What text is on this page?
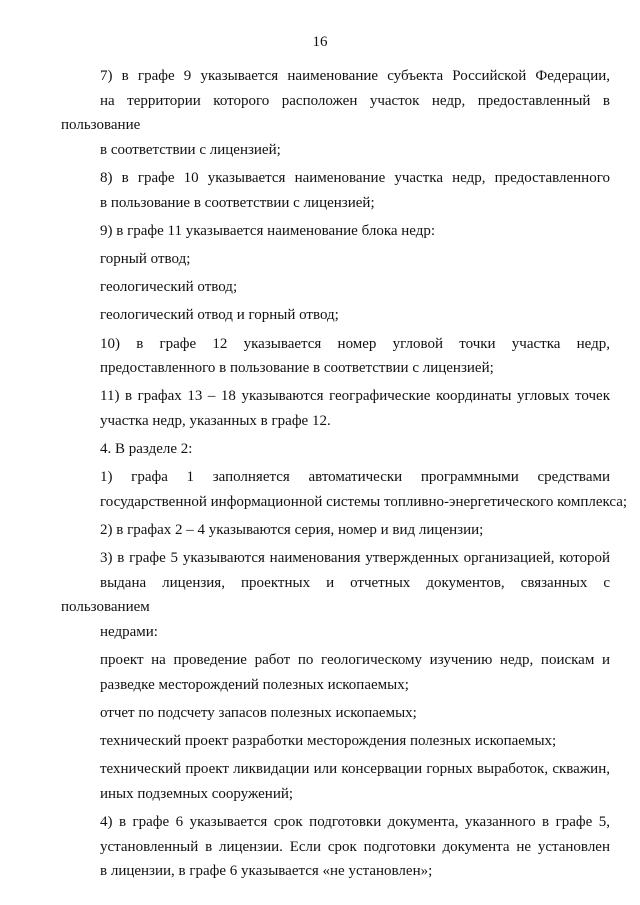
16

7) в графе 9 указывается наименование субъекта Российской Федерации,
на территории которого расположен участок недр, предоставленный в пользование
в соответствии с лицензией;

8) в графе 10 указывается наименование участка недр, предоставленного
в пользование в соответствии с лицензией;

9) в графе 11 указывается наименование блока недр:

горный отвод;

геологический отвод;

геологический отвод и горный отвод;

10) в графе 12 указывается номер угловой точки участка недр,
предоставленного в пользование в соответствии с лицензией;

11) в графах 13 – 18 указываются географические координаты угловых точек
участка недр, указанных в графе 12.

4. В разделе 2:

1) графа 1 заполняется автоматически программными средствами
государственной информационной системы топливно-энергетического комплекса;

2) в графах 2 – 4 указываются серия, номер и вид лицензии;

3) в графе 5 указываются наименования утвержденных организацией, которой
выдана лицензия, проектных и отчетных документов, связанных с пользованием
недрами:

проект на проведение работ по геологическому изучению недр, поискам и
разведке месторождений полезных ископаемых;

отчет по подсчету запасов полезных ископаемых;

технический проект разработки месторождения полезных ископаемых;

технический проект ликвидации или консервации горных выработок, скважин,
иных подземных сооружений;

4) в графе 6 указывается срок подготовки документа, указанного в графе 5,
установленный в лицензии. Если срок подготовки документа не установлен
в лицензии, в графе 6 указывается «не установлен»;
